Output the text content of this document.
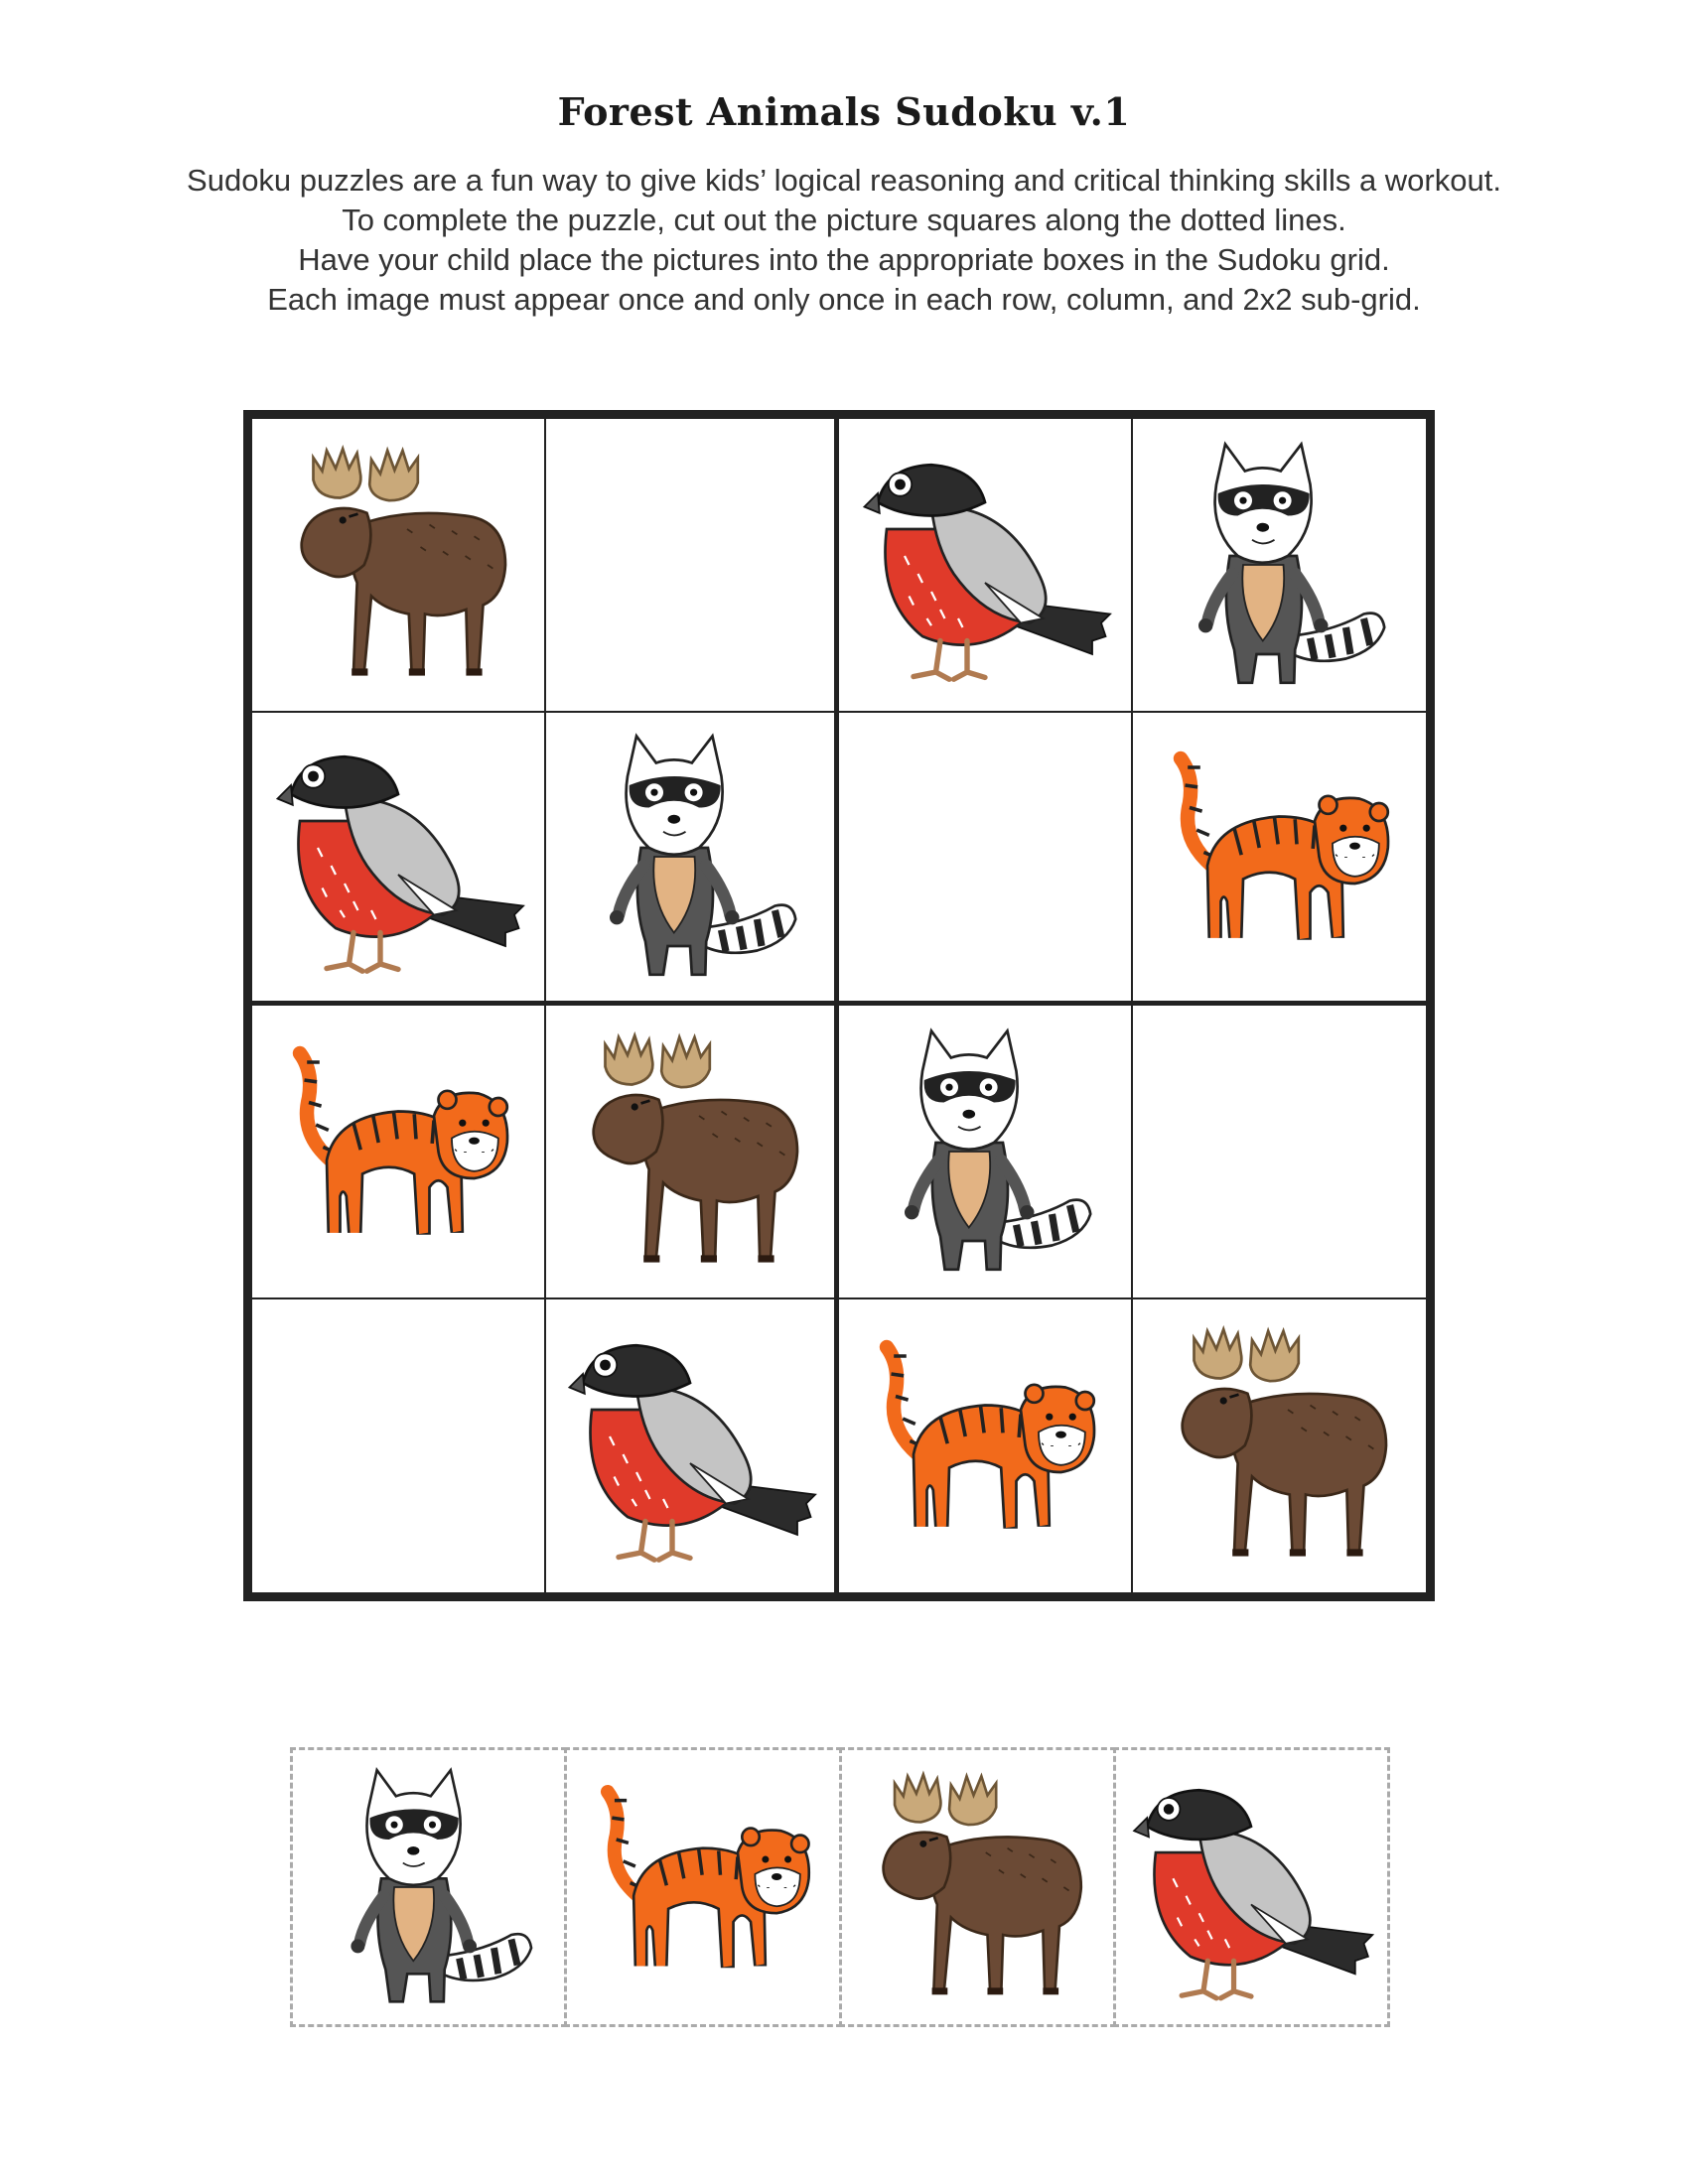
Forest Animals Sudoku v.1
Sudoku puzzles are a fun way to give kids’ logical reasoning and critical thinking skills a workout.
To complete the puzzle, cut out the picture squares along the dotted lines.
Have your child place the pictures into the appropriate boxes in the Sudoku grid.
Each image must appear once and only once in each row, column, and 2x2 sub-grid.
